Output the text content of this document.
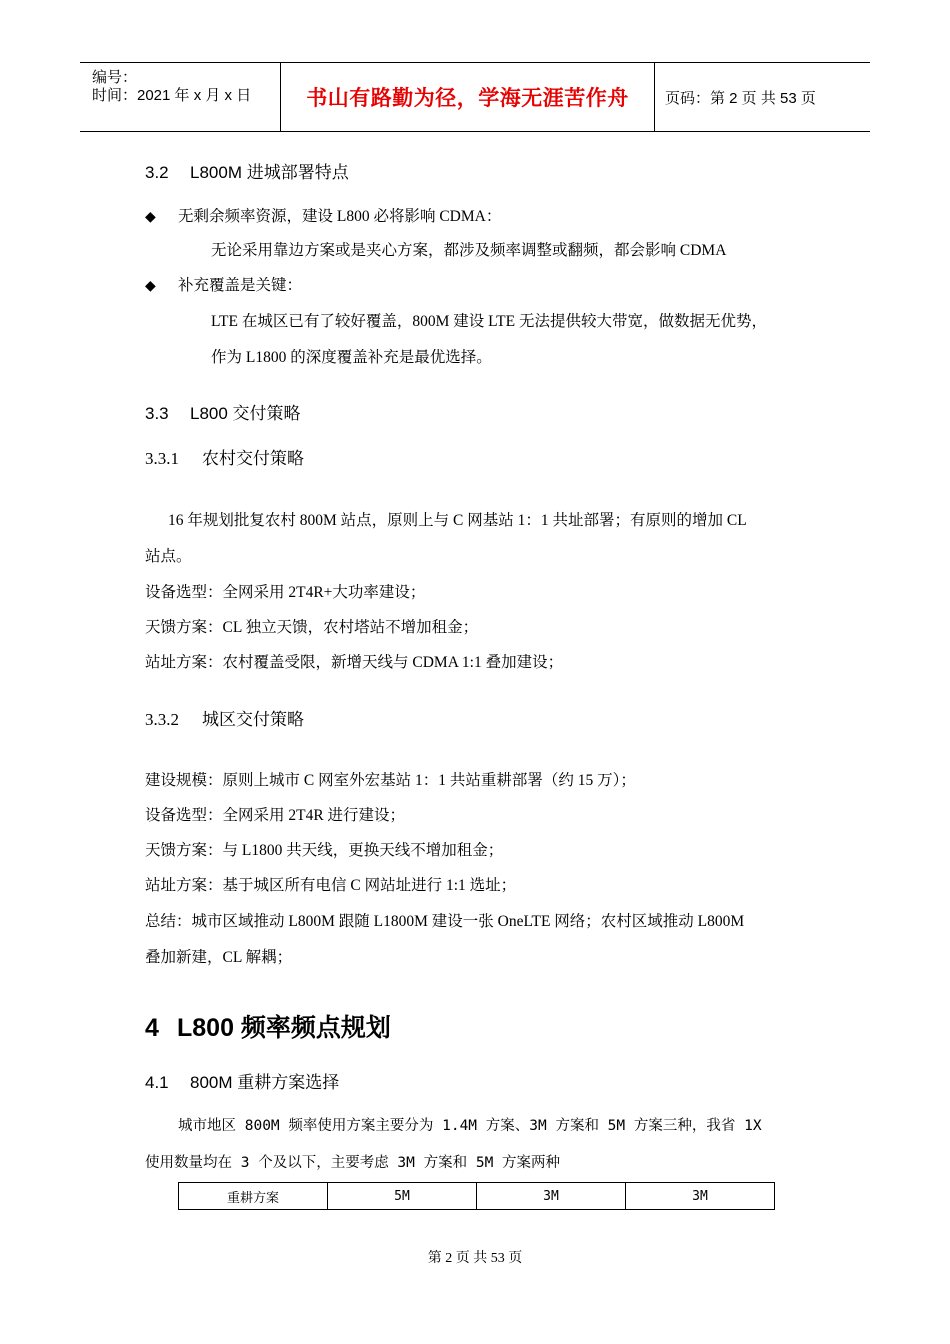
编号：
时间：2021 年 x 月 x 日	书山有路勤为径，学海无涯苦作舟 页码：第 2 页 共 53 页
3.2 L800M 进城部署特点
◆ 无剩余频率资源，建设 L800 必将影响 CDMA：
无论采用靠边方案或是夹心方案，都涉及频率调整或翻频，都会影响 CDMA
◆ 补充覆盖是关键：
LTE 在城区已有了较好覆盖，800M 建设 LTE 无法提供较大带宽，做数据无优势，
作为 L1800 的深度覆盖补充是最优选择。
3.3 L800 交付策略
3.3.1 农村交付策略
16 年规划批复农村 800M 站点，原则上与 C 网基站 1：1 共址部署；有原则的增加 CL
站点。
设备选型：全网采用 2T4R+大功率建设；
天馈方案：CL 独立天馈，农村塔站不增加租金；
站址方案：农村覆盖受限，新增天线与 CDMA 1:1 叠加建设；
3.3.2 城区交付策略
建设规模：原则上城市 C 网室外宏基站 1：1 共站重耕部署（约 15 万）；
设备选型：全网采用 2T4R 进行建设；
天馈方案：与 L1800 共天线，更换天线不增加租金；
站址方案：基于城区所有电信 C 网站址进行 1:1 选址；
总结：城市区域推动 L800M 跟随 L1800M 建设一张 OneLTE 网络；农村区域推动 L800M
叠加新建，CL 解耦；
4 L800 频率频点规划
4.1 800M 重耕方案选择
城市地区 800M 频率使用方案主要分为 1.4M 方案、3M 方案和 5M 方案三种，我省 1X
使用数量均在 3 个及以下，主要考虑 3M 方案和 5M 方案两种
重耕方案	5M	3M	3M
第 2 页 共 53 页
